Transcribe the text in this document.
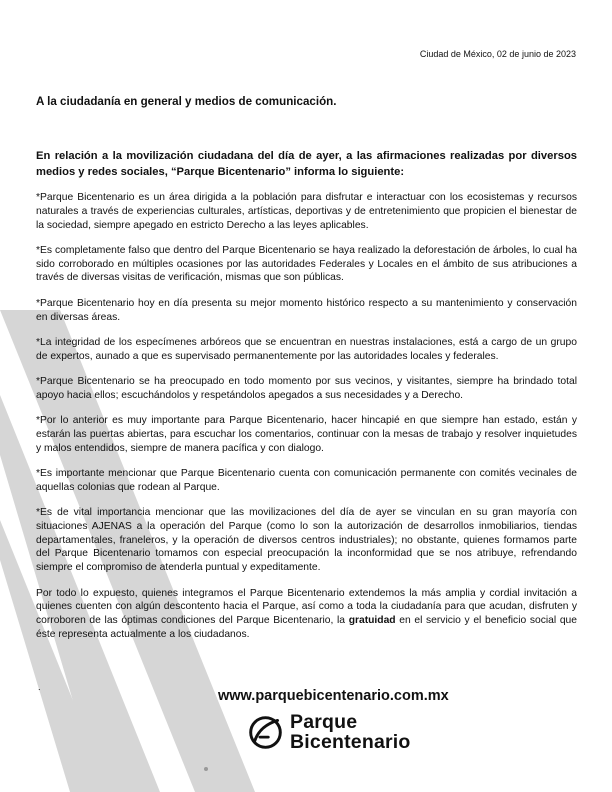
Ciudad de México, 02 de junio de 2023
A la ciudadanía en general y medios de comunicación.
En relación a la movilización ciudadana del día de ayer, a las afirmaciones realizadas por diversos medios y redes sociales, “Parque Bicentenario” informa lo siguiente:

*Parque Bicentenario es un área dirigida a la población para disfrutar e interactuar con los ecosistemas y recursos naturales a través de experiencias culturales, artísticas, deportivas y de entretenimiento que propicien el bienestar de la sociedad, siempre apegado en estricto Derecho a las leyes aplicables.

*Es completamente falso que dentro del Parque Bicentenario se haya realizado la deforestación de árboles, lo cual ha sido corroborado en múltiples ocasiones por las autoridades Federales y Locales en el ámbito de sus atribuciones a través de diversas visitas de verificación, mismas que son públicas.

*Parque Bicentenario hoy en día presenta su mejor momento histórico respecto a su mantenimiento y conservación en diversas áreas.

*La integridad de los especímenes arbóreos que se encuentran en nuestras instalaciones, está a cargo de un grupo de expertos, aunado a que es supervisado permanentemente por las autoridades locales y federales.

*Parque Bicentenario se ha preocupado en todo momento por sus vecinos, y visitantes, siempre ha brindado total apoyo hacia ellos; escuchándolos y respetándolos apegados a sus necesidades y a Derecho.

*Por lo anterior es muy importante para Parque Bicentenario, hacer hincapié en que siempre han estado, están y estarán las puertas abiertas, para escuchar los comentarios, continuar con la mesas de trabajo y resolver inquietudes y malos entendidos, siempre de manera pacífica y con dialogo.

*Es importante mencionar que Parque Bicentenario cuenta con comunicación permanente con comités vecinales de aquellas colonias que rodean al Parque.

*Es de vital importancia mencionar que las movilizaciones del día de ayer se vinculan en su gran mayoría con situaciones AJENAS a la operación del Parque (como lo son la autorización de desarrollos inmobiliarios, tiendas departamentales, franeleros, y la operación de diversos centros industriales); no obstante, quienes formamos parte del Parque Bicentenario tomamos con especial preocupación la inconformidad que se nos atribuye, refrendando siempre el compromiso de atenderla puntual y expeditamente.

Por todo lo expuesto, quienes integramos el Parque Bicentenario extendemos la más amplia y cordial invitación a quienes cuenten con algún descontento hacia el Parque, así como a toda la ciudadanía para que acudan, disfruten y corroboren de las óptimas condiciones del Parque Bicentenario, la gratuidad en el servicio y el beneficio social que éste representa actualmente a los ciudadanos.

.
www.parquebicentenario.com.mx
Parque
Bicentenario
